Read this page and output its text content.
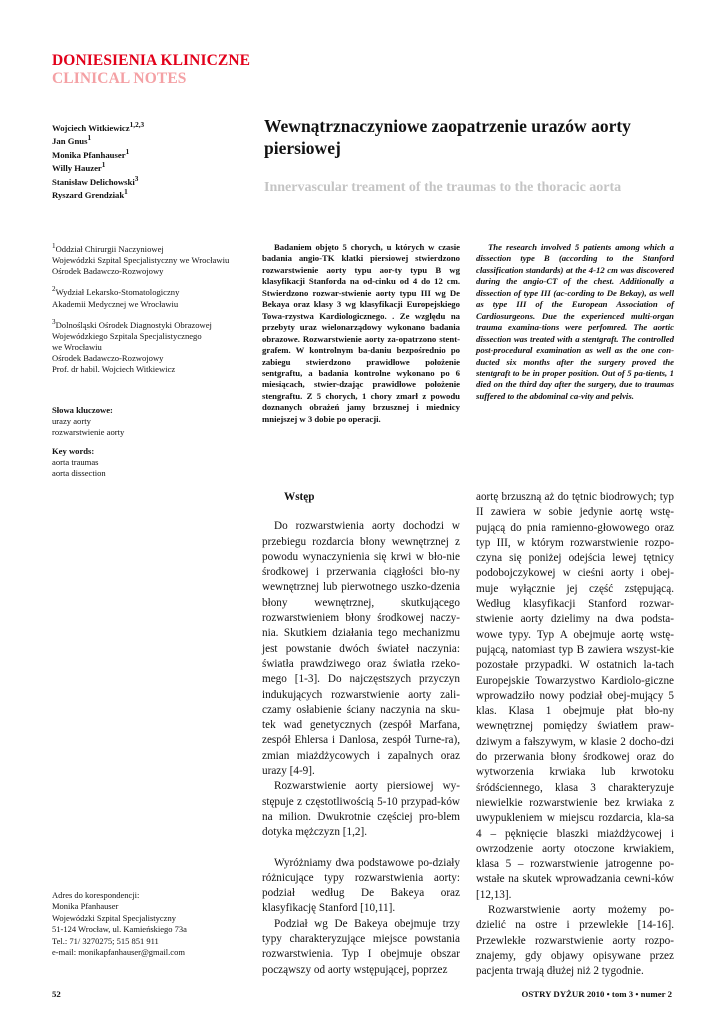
DONIESIENIA KLINICZNE
CLINICAL NOTES
Wojciech Witkiewicz$^{1,2,3}$
Jan Gnus$^1$
Monika Pfanhauser$^1$
Willy Hauzer$^1$
Stanisław Delichowski$^3$
Ryszard Grendziak$^1$
Wewnątrznaczyniowe zaopatrzenie urazów aorty piersiowej
Innervascular treament of the traumas to the thoracic aorta
$^1$Oddział Chirurgii Naczyniowej
Wojewódzki Szpital Specjalistyczny we Wrocławiu
Ośrodek Badawczo-Rozwojowy
$^2$Wydział Lekarsko-Stomatologiczny
Akademii Medycznej we Wrocławiu
$^3$Dolnośląski Ośrodek Diagnostyki Obrazowej
Wojewódzkiego Szpitala Specjalistycznego
we Wrocławiu
Ośrodek Badawczo-Rozwojowy
Prof. dr habil. Wojciech Witkiewicz
Słowa kluczowe:
urazy aorty
rozwarstwienie aorty
Key words:
aorta traumas
aorta dissection
Badaniem objęto 5 chorych, u których w czasie badania angio-TK klatki piersiowej stwierdzono rozwarstwienie aorty typu aor-ty typu B wg klasyfikacji Stanforda na od-cinku od 4 do 12 cm. Stwierdzono rozwar-stwienie aorty typu III wg De Bekaya oraz klasy 3 wg klasyfikacji Europejskiego Towa-rzystwa Kardiologicznego. . Ze względu na przebyty uraz wielonarządowy wykonano badania obrazowe. Rozwarstwienie aorty za-opatrzono stent-grafem. W kontrolnym ba-daniu bezpośrednio po zabiegu stwierdzono prawidłowe położenie sentgraftu, a badania kontrolne wykonano po 6 miesiącach, stwier-dzając prawidłowe położenie stengraftu. Z 5 chorych, 1 chory zmarł z powodu doznanych obrażeń jamy brzusznej i miednicy mniejszej w 3 dobie po operacji.
The research involved 5 patients among which a dissection type B (according to the Stanford classification standards) at the 4-12 cm was discovered during the angio-CT of the chest. Additionally a dissection of type III (ac-cording to De Bekay), as well as type III of the European Association of Cardiosurgeons. Due the experienced multi-organ trauma examina-tions were perfomred. The aortic dissection was treated with a stentgraft. The controlled post-procedural examination as well as the one con-ducted six months after the surgery proved the stentgraft to be in proper position. Out of 5 pa-tients, 1 died on the third day after the surgery, due to traumas suffered to the abdominal ca-vity and pelvis.

Wstęp

Do rozwarstwienia aorty dochodzi w przebiegu rozdarcia błony wewnętrznej z powodu wynaczynienia się krwi w bło-nie środkowej i przerwania ciągłości bło-ny wewnętrznej lub pierwotnego uszko-dzenia błony wewnętrznej, skutkującego rozwarstwieniem błony środkowej naczy-nia. Skutkiem działania tego mechanizmu jest powstanie dwóch świateł naczynia: światła prawdziwego oraz światła rzeko-mego [1-3]. Do najczęstszych przyczyn indukujących rozwarstwienie aorty zali-czamy osłabienie ściany naczynia na sku-tek wad genetycznych (zespół Marfana, zespół Ehlersa i Danlosa, zespół Turne-ra), zmian miażdżycowych i zapalnych oraz urazy [4-9].

Rozwarstwienie aorty piersiowej wy-stępuje z częstotliwością 5-10 przypad-ków na milion. Dwukrotnie częściej pro-blem dotyka mężczyzn [1,2].

Wyróżniamy dwa podstawowe po-działy różnicujące typy rozwarstwienia aorty: podział według De Bakeya oraz klasyfikację Stanford [10,11].

Podział wg De Bakeya obejmuje trzy typy charakteryzujące miejsce powstania rozwarstwienia. Typ I obejmuje obszar począwszy od aorty wstępującej, poprzez

aortę brzuszną aż do tętnic biodrowych; typ II zawiera w sobie jedynie aortę wstę-pującą do pnia ramienno-głowowego oraz typ III, w którym rozwarstwienie rozpo-czyna się poniżej odejścia lewej tętnicy podobojczykowej w cieśni aorty i obej-muje wyłącznie jej część zstępującą. Według klasyfikacji Stanford rozwar-stwienie aorty dzielimy na dwa podsta-wowe typy. Typ A obejmuje aortę wstę-pującą, natomiast typ B zawiera wszyst-kie pozostałe przypadki. W ostatnich la-tach Europejskie Towarzystwo Kardiolo-giczne wprowadziło nowy podział obej-mujący 5 klas. Klasa 1 obejmuje płat bło-ny wewnętrznej pomiędzy światłem praw-dziwym a fałszywym, w klasie 2 docho-dzi do przerwania błony środkowej oraz do wytworzenia krwiaka lub krwotoku śródściennego, klasa 3 charakteryzuje niewielkie rozwarstwienie bez krwiaka z uwypukleniem w miejscu rozdarcia, kla-sa 4 – pęknięcie blaszki miażdżycowej i owrzodzenie aorty otoczone krwiakiem, klasa 5 – rozwarstwienie jatrogenne po-wstałe na skutek wprowadzania cewni-ków [12,13].

Rozwarstwienie aorty możemy po-dzielić na ostre i przewlekłe [14-16]. Przewlekłe rozwarstwienie aorty rozpo-znajemy, gdy objawy opisywane przez pacjenta trwają dłużej niż 2 tygodnie.

Adres do korespondencji:
Monika Pfanhauser
Wojewódzki Szpital Specjalistyczny
51-124 Wrocław, ul. Kamieńskiego 73a
Tel.: 71/ 3270275; 515 851 911
e-mail: monikapfanhauser@gmail.com
52	OSTRY DYŻUR 2010 • tom 3 • numer 2
